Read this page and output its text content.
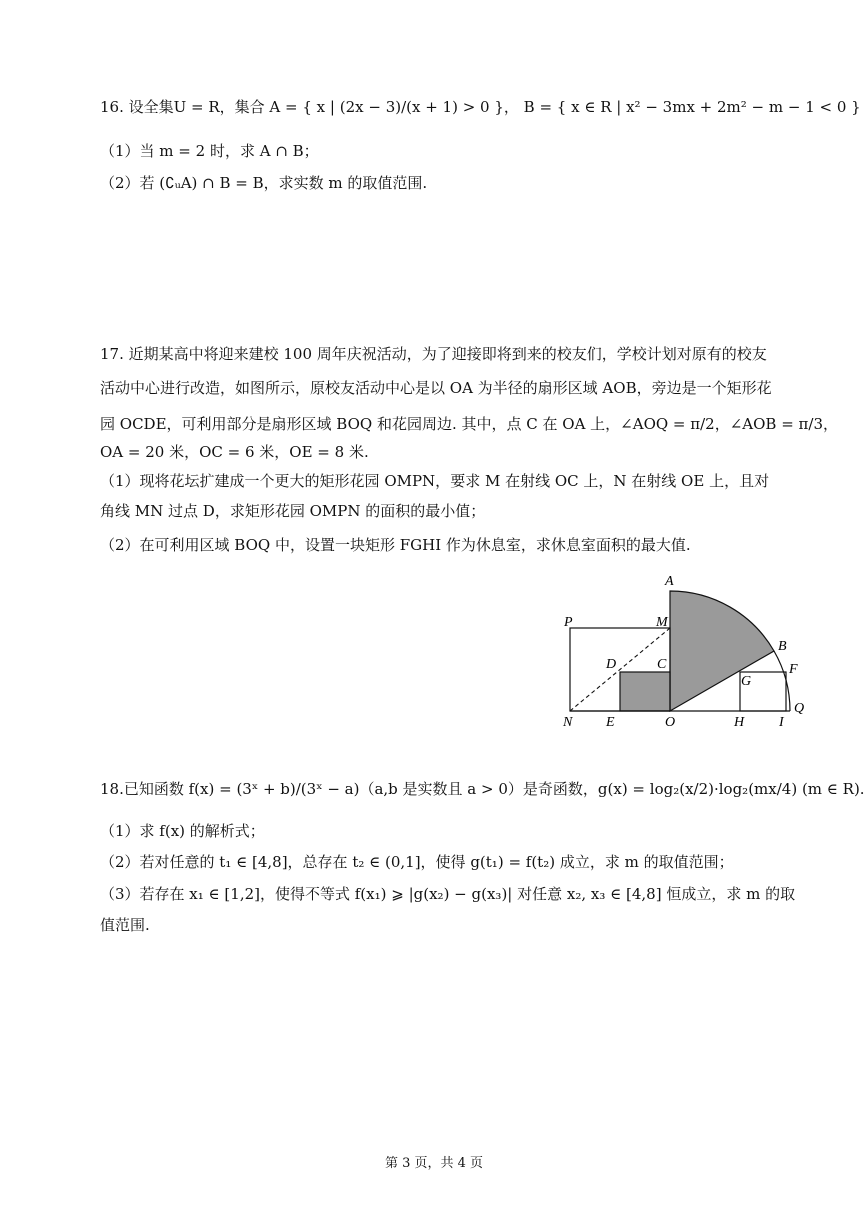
16. 设全集U = R，集合 A = { x | (2x − 3)/(x + 1) > 0 }， B = { x ∈ R | x² − 3mx + 2m² − m − 1 < 0 }
（1）当 m = 2 时，求 A ∩ B；
（2）若 (∁ᵤA) ∩ B = B，求实数 m 的取值范围.
17. 近期某高中将迎来建校 100 周年庆祝活动，为了迎接即将到来的校友们，学校计划对原有的校友
活动中心进行改造，如图所示，原校友活动中心是以 OA 为半径的扇形区域 AOB，旁边是一个矩形花
园 OCDE，可利用部分是扇形区域 BOQ 和花园周边. 其中，点 C 在 OA 上，∠AOQ = π/2，∠AOB = π/3，
OA = 20 米，OC = 6 米，OE = 8 米.
（1）现将花坛扩建成一个更大的矩形花园 OMPN，要求 M 在射线 OC 上，N 在射线 OE 上，且对
角线 MN 过点 D，求矩形花园 OMPN 的面积的最小值；
（2）在可利用区域 BOQ 中，设置一块矩形 FGHI 作为休息室，求休息室面积的最大值.
A
P	M
B
D	C	F
G
N E	O	H I
Q
18.已知函数 f(x) = (3ˣ + b)/(3ˣ − a)（a,b 是实数且 a > 0）是奇函数，g(x) = log₂(x/2)·log₂(mx/4) (m ∈ R).
（1）求 f(x) 的解析式；
（2）若对任意的 t₁ ∈ [4,8]，总存在 t₂ ∈ (0,1]，使得 g(t₁) = f(t₂) 成立，求 m 的取值范围；
（3）若存在 x₁ ∈ [1,2]，使得不等式 f(x₁) ⩾ |g(x₂) − g(x₃)| 对任意 x₂, x₃ ∈ [4,8] 恒成立，求 m 的取
值范围.
第 3 页，共 4 页
